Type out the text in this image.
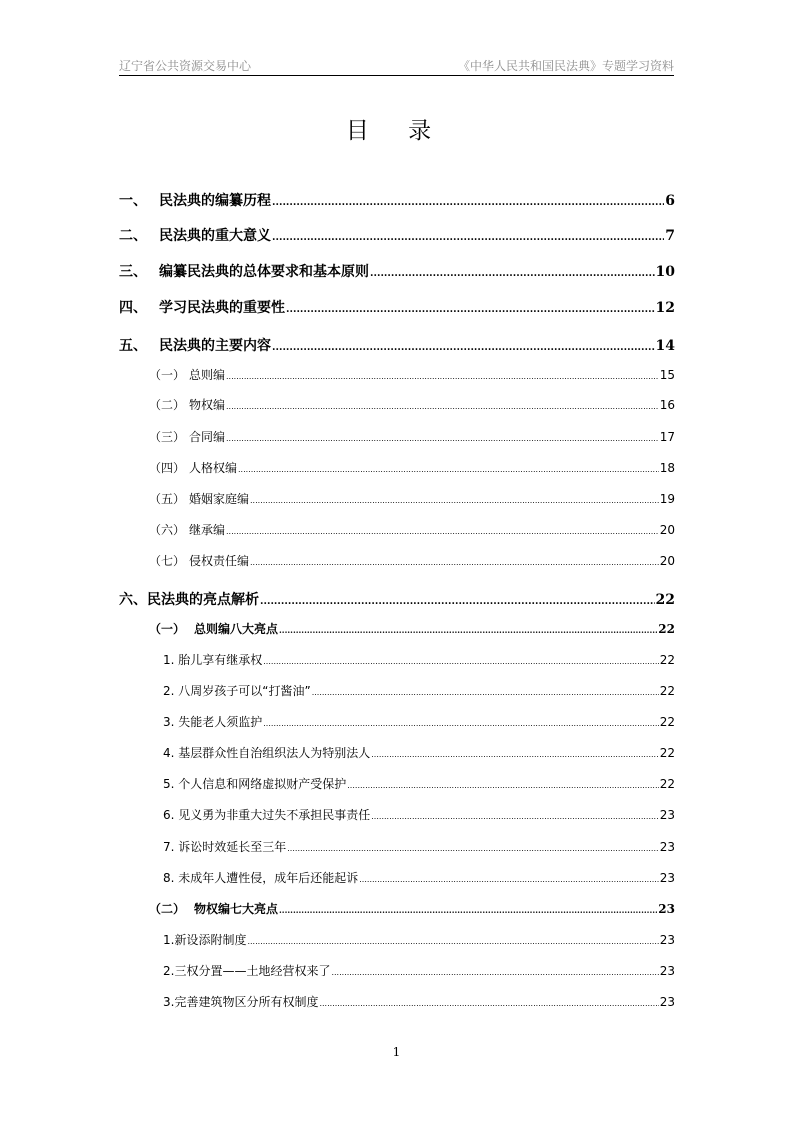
辽宁省公共资源交易中心	《中华人民共和国民法典》专题学习资料
目 录
一、 民法典的编纂历程 .....	6
二、 民法典的重大意义 .....	7
三、 编纂民法典的总体要求和基本原则 .....	10
四、 学习民法典的重要性 .....	12
五、 民法典的主要内容 .....	14
（一） 总则编 .....	15
（二） 物权编 .....	16
（三） 合同编 .....	17
（四） 人格权编 .....	18
（五） 婚姻家庭编 .....	19
（六） 继承编 .....	20
（七） 侵权责任编 .....	20
六、民法典的亮点解析 .....	22
（一） 总则编八大亮点 .....	22
1. 胎儿享有继承权 .....	22
2. 八周岁孩子可以“打酱油” .....	22
3. 失能老人须监护 .....	22
4. 基层群众性自治组织法人为特别法人 .....	22
5. 个人信息和网络虚拟财产受保护 .....	22
6. 见义勇为非重大过失不承担民事责任 .....	23
7. 诉讼时效延长至三年 .....	23
8. 未成年人遭性侵，成年后还能起诉 .....	23
（二） 物权编七大亮点 .....	23
1.新设添附制度 .....	23
2.三权分置——土地经营权来了 .....	23
3.完善建筑物区分所有权制度 .....	23
1
